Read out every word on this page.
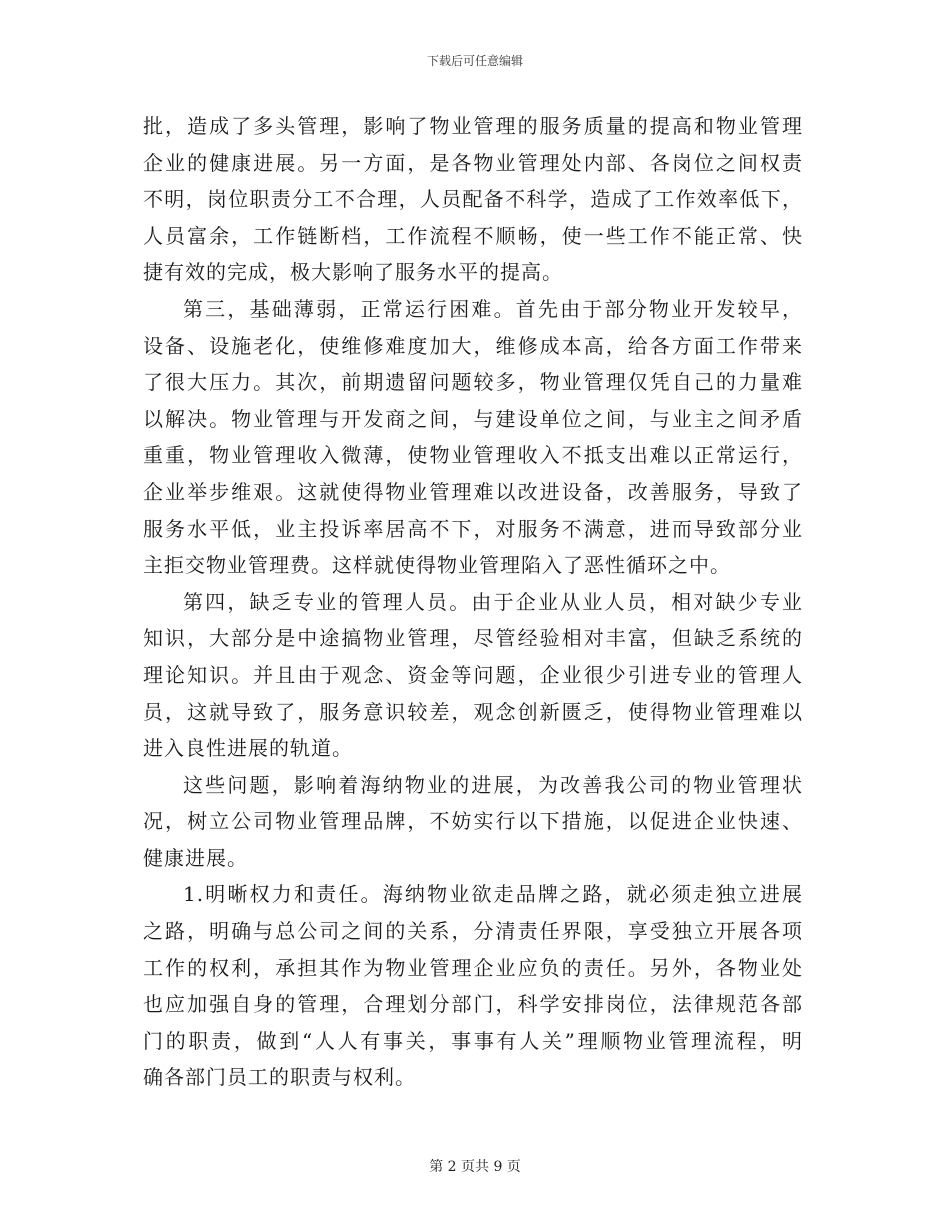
下载后可任意编辑
批，造成了多头管理，影响了物业管理的服务质量的提高和物业管理
企业的健康进展。另一方面，是各物业管理处内部、各岗位之间权责
不明，岗位职责分工不合理，人员配备不科学，造成了工作效率低下，
人员富余，工作链断档，工作流程不顺畅，使一些工作不能正常、快
捷有效的完成，极大影响了服务水平的提高。
第三，基础薄弱，正常运行困难。首先由于部分物业开发较早，
设备、设施老化，使维修难度加大，维修成本高，给各方面工作带来
了很大压力。其次，前期遗留问题较多，物业管理仅凭自己的力量难
以解决。物业管理与开发商之间，与建设单位之间，与业主之间矛盾
重重，物业管理收入微薄，使物业管理收入不抵支出难以正常运行，
企业举步维艰。这就使得物业管理难以改进设备，改善服务，导致了
服务水平低，业主投诉率居高不下，对服务不满意，进而导致部分业
主拒交物业管理费。这样就使得物业管理陷入了恶性循环之中。
第四，缺乏专业的管理人员。由于企业从业人员，相对缺少专业
知识，大部分是中途搞物业管理，尽管经验相对丰富，但缺乏系统的
理论知识。并且由于观念、资金等问题，企业很少引进专业的管理人
员，这就导致了，服务意识较差，观念创新匮乏，使得物业管理难以
进入良性进展的轨道。
这些问题，影响着海纳物业的进展，为改善我公司的物业管理状
况，树立公司物业管理品牌，不妨实行以下措施，以促进企业快速、
健康进展。
1.明晰权力和责任。海纳物业欲走品牌之路，就必须走独立进展
之路，明确与总公司之间的关系，分清责任界限，享受独立开展各项
工作的权利，承担其作为物业管理企业应负的责任。另外，各物业处
也应加强自身的管理，合理划分部门，科学安排岗位，法律规范各部
门的职责，做到“人人有事关，事事有人关”理顺物业管理流程，明
确各部门员工的职责与权利。
第 2 页共 9 页
